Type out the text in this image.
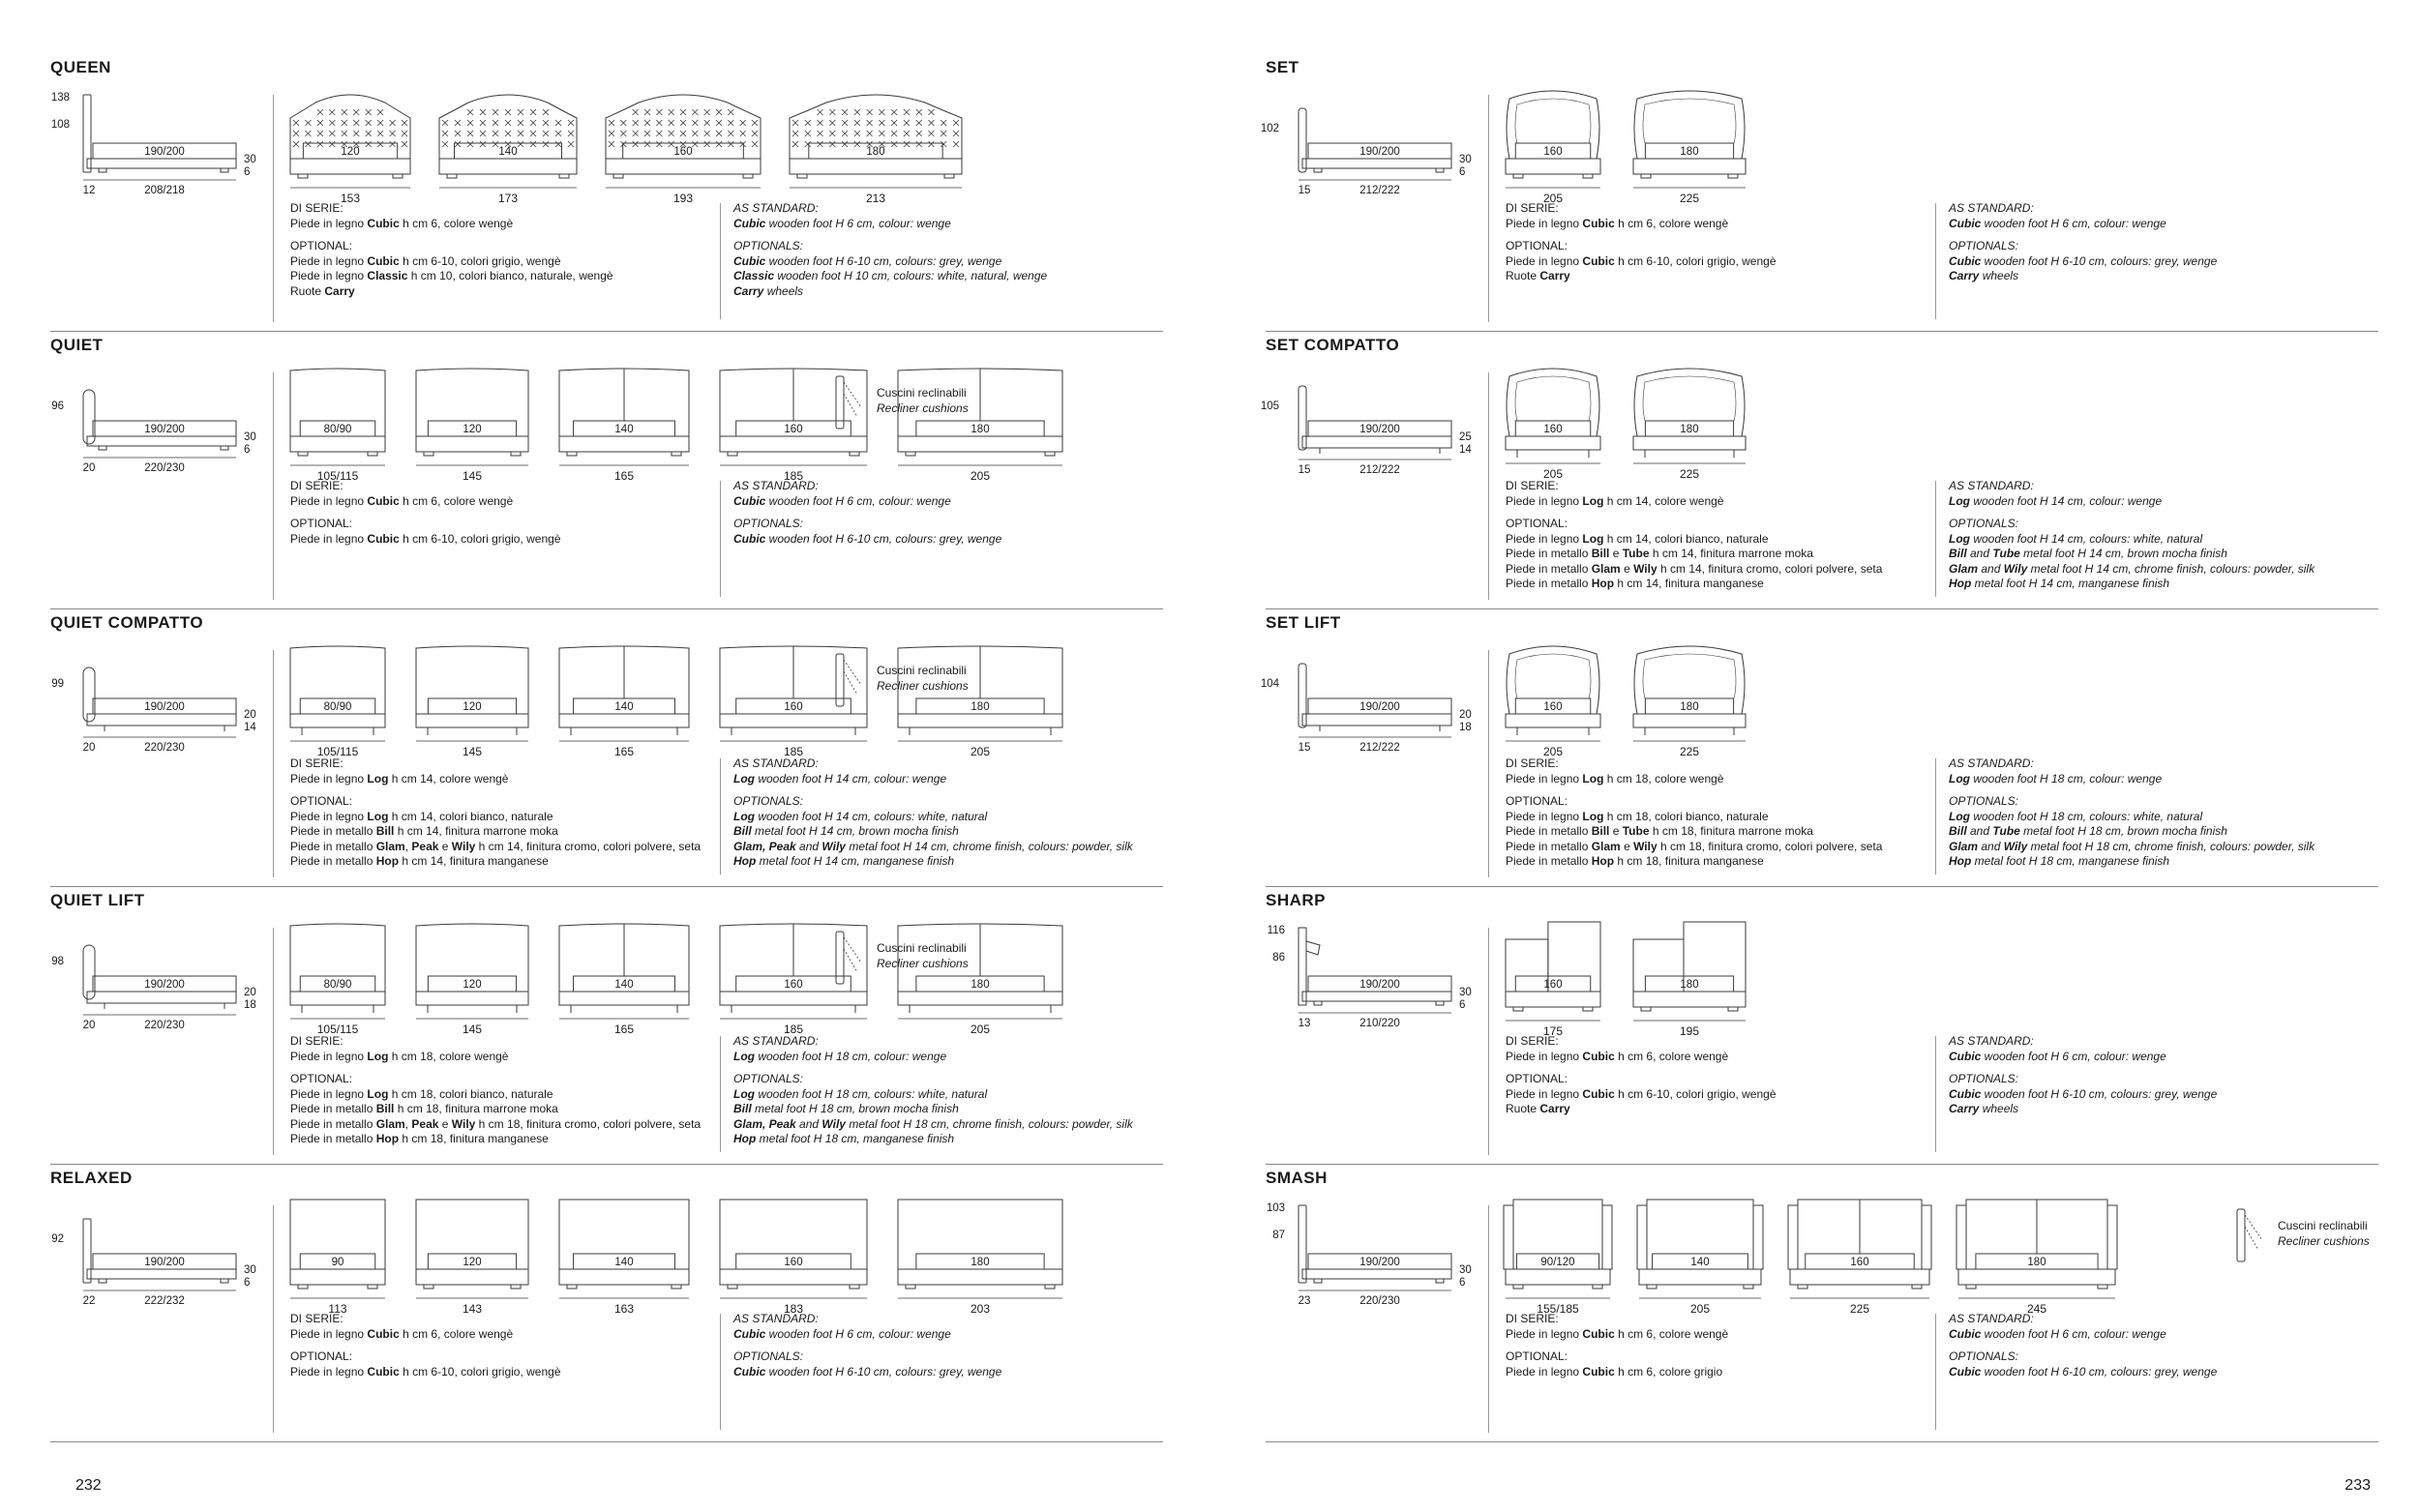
232
QUEEN
190/200
138
108
30
6
12	208/218
120
153
140
173
160
193
180
213
DI SERIE:
Piede in legno Cubic h cm 6, colore wengè
OPTIONAL:
Piede in legno Cubic h cm 6-10, colori grigio, wengè
Piede in legno Classic h cm 10, colori bianco, naturale, wengè
Ruote Carry
AS STANDARD:
Cubic wooden foot H 6 cm, colour: wenge
OPTIONALS:
Cubic wooden foot H 6-10 cm, colours: grey, wenge
Classic wooden foot H 10 cm, colours: white, natural, wenge
Carry wheels
QUIET
190/200
96
30
6
20	220/230
80/90
105/115
120
145
140
165
160
185
180
205
Cuscini reclinabili
Recliner cushions
DI SERIE:
Piede in legno Cubic h cm 6, colore wengè
OPTIONAL:
Piede in legno Cubic h cm 6-10, colori grigio, wengè
AS STANDARD:
Cubic wooden foot H 6 cm, colour: wenge
OPTIONALS:
Cubic wooden foot H 6-10 cm, colours: grey, wenge
QUIET COMPATTO
190/200
99
20
14
20	220/230
80/90
105/115
120
145
140
165
160
185
180
205
Cuscini reclinabili
Recliner cushions
DI SERIE:
Piede in legno Log h cm 14, colore wengè
OPTIONAL:
Piede in legno Log h cm 14, colori bianco, naturale
Piede in metallo Bill h cm 14, finitura marrone moka
Piede in metallo Glam, Peak e Wily h cm 14, finitura cromo, colori polvere, seta
Piede in metallo Hop h cm 14, finitura manganese
AS STANDARD:
Log wooden foot H 14 cm, colour: wenge
OPTIONALS:
Log wooden foot H 14 cm, colours: white, natural
Bill metal foot H 14 cm, brown mocha finish
Glam, Peak and Wily metal foot H 14 cm, chrome finish, colours: powder, silk
Hop metal foot H 14 cm, manganese finish
QUIET LIFT
190/200
98
20
18
20	220/230
80/90
105/115
120
145
140
165
160
185
180
205
Cuscini reclinabili
Recliner cushions
DI SERIE:
Piede in legno Log h cm 18, colore wengè
OPTIONAL:
Piede in legno Log h cm 18, colori bianco, naturale
Piede in metallo Bill h cm 18, finitura marrone moka
Piede in metallo Glam, Peak e Wily h cm 18, finitura cromo, colori polvere, seta
Piede in metallo Hop h cm 18, finitura manganese
AS STANDARD:
Log wooden foot H 18 cm, colour: wenge
OPTIONALS:
Log wooden foot H 18 cm, colours: white, natural
Bill metal foot H 18 cm, brown mocha finish
Glam, Peak and Wily metal foot H 18 cm, chrome finish, colours: powder, silk
Hop metal foot H 18 cm, manganese finish
RELAXED
190/200
92
30
6
22	222/232
90
113
120
143
140
163
160
183
180
203
DI SERIE:
Piede in legno Cubic h cm 6, colore wengè
OPTIONAL:
Piede in legno Cubic h cm 6-10, colori grigio, wengè
AS STANDARD:
Cubic wooden foot H 6 cm, colour: wenge
OPTIONALS:
Cubic wooden foot H 6-10 cm, colours: grey, wenge
233
SET
190/200
102
30
6
15	212/222
160
205
180
225
DI SERIE:
Piede in legno Cubic h cm 6, colore wengè
OPTIONAL:
Piede in legno Cubic h cm 6-10, colori grigio, wengè
Ruote Carry
AS STANDARD:
Cubic wooden foot H 6 cm, colour: wenge
OPTIONALS:
Cubic wooden foot H 6-10 cm, colours: grey, wenge
Carry wheels
SET COMPATTO
190/200
105
25
14
15	212/222
160
205
180
225
DI SERIE:
Piede in legno Log h cm 14, colore wengè
OPTIONAL:
Piede in legno Log h cm 14, colori bianco, naturale
Piede in metallo Bill e Tube h cm 14, finitura marrone moka
Piede in metallo Glam e Wily h cm 14, finitura cromo, colori polvere, seta
Piede in metallo Hop h cm 14, finitura manganese
AS STANDARD:
Log wooden foot H 14 cm, colour: wenge
OPTIONALS:
Log wooden foot H 14 cm, colours: white, natural
Bill and Tube metal foot H 14 cm, brown mocha finish
Glam and Wily metal foot H 14 cm, chrome finish, colours: powder, silk
Hop metal foot H 14 cm, manganese finish
SET LIFT
190/200
104
20
18
15	212/222
160
205
180
225
DI SERIE:
Piede in legno Log h cm 18, colore wengè
OPTIONAL:
Piede in legno Log h cm 18, colori bianco, naturale
Piede in metallo Bill e Tube h cm 18, finitura marrone moka
Piede in metallo Glam e Wily h cm 18, finitura cromo, colori polvere, seta
Piede in metallo Hop h cm 18, finitura manganese
AS STANDARD:
Log wooden foot H 18 cm, colour: wenge
OPTIONALS:
Log wooden foot H 18 cm, colours: white, natural
Bill and Tube metal foot H 18 cm, brown mocha finish
Glam and Wily metal foot H 18 cm, chrome finish, colours: powder, silk
Hop metal foot H 18 cm, manganese finish
SHARP
190/200
116
86
30
6
13	210/220
160
175
180
195
DI SERIE:
Piede in legno Cubic h cm 6, colore wengè
OPTIONAL:
Piede in legno Cubic h cm 6-10, colori grigio, wengè
Ruote Carry
AS STANDARD:
Cubic wooden foot H 6 cm, colour: wenge
OPTIONALS:
Cubic wooden foot H 6-10 cm, colours: grey, wenge
Carry wheels
SMASH
190/200
103
87
30
6
23	220/230
90/120
155/185
140
205
160
225
180
245
Cuscini reclinabili
Recliner cushions
DI SERIE:
Piede in legno Cubic h cm 6, colore wengè
OPTIONAL:
Piede in legno Cubic h cm 6, colore grigio
AS STANDARD:
Cubic wooden foot H 6 cm, colour: wenge
OPTIONALS:
Cubic wooden foot H 6-10 cm, colours: grey, wenge
